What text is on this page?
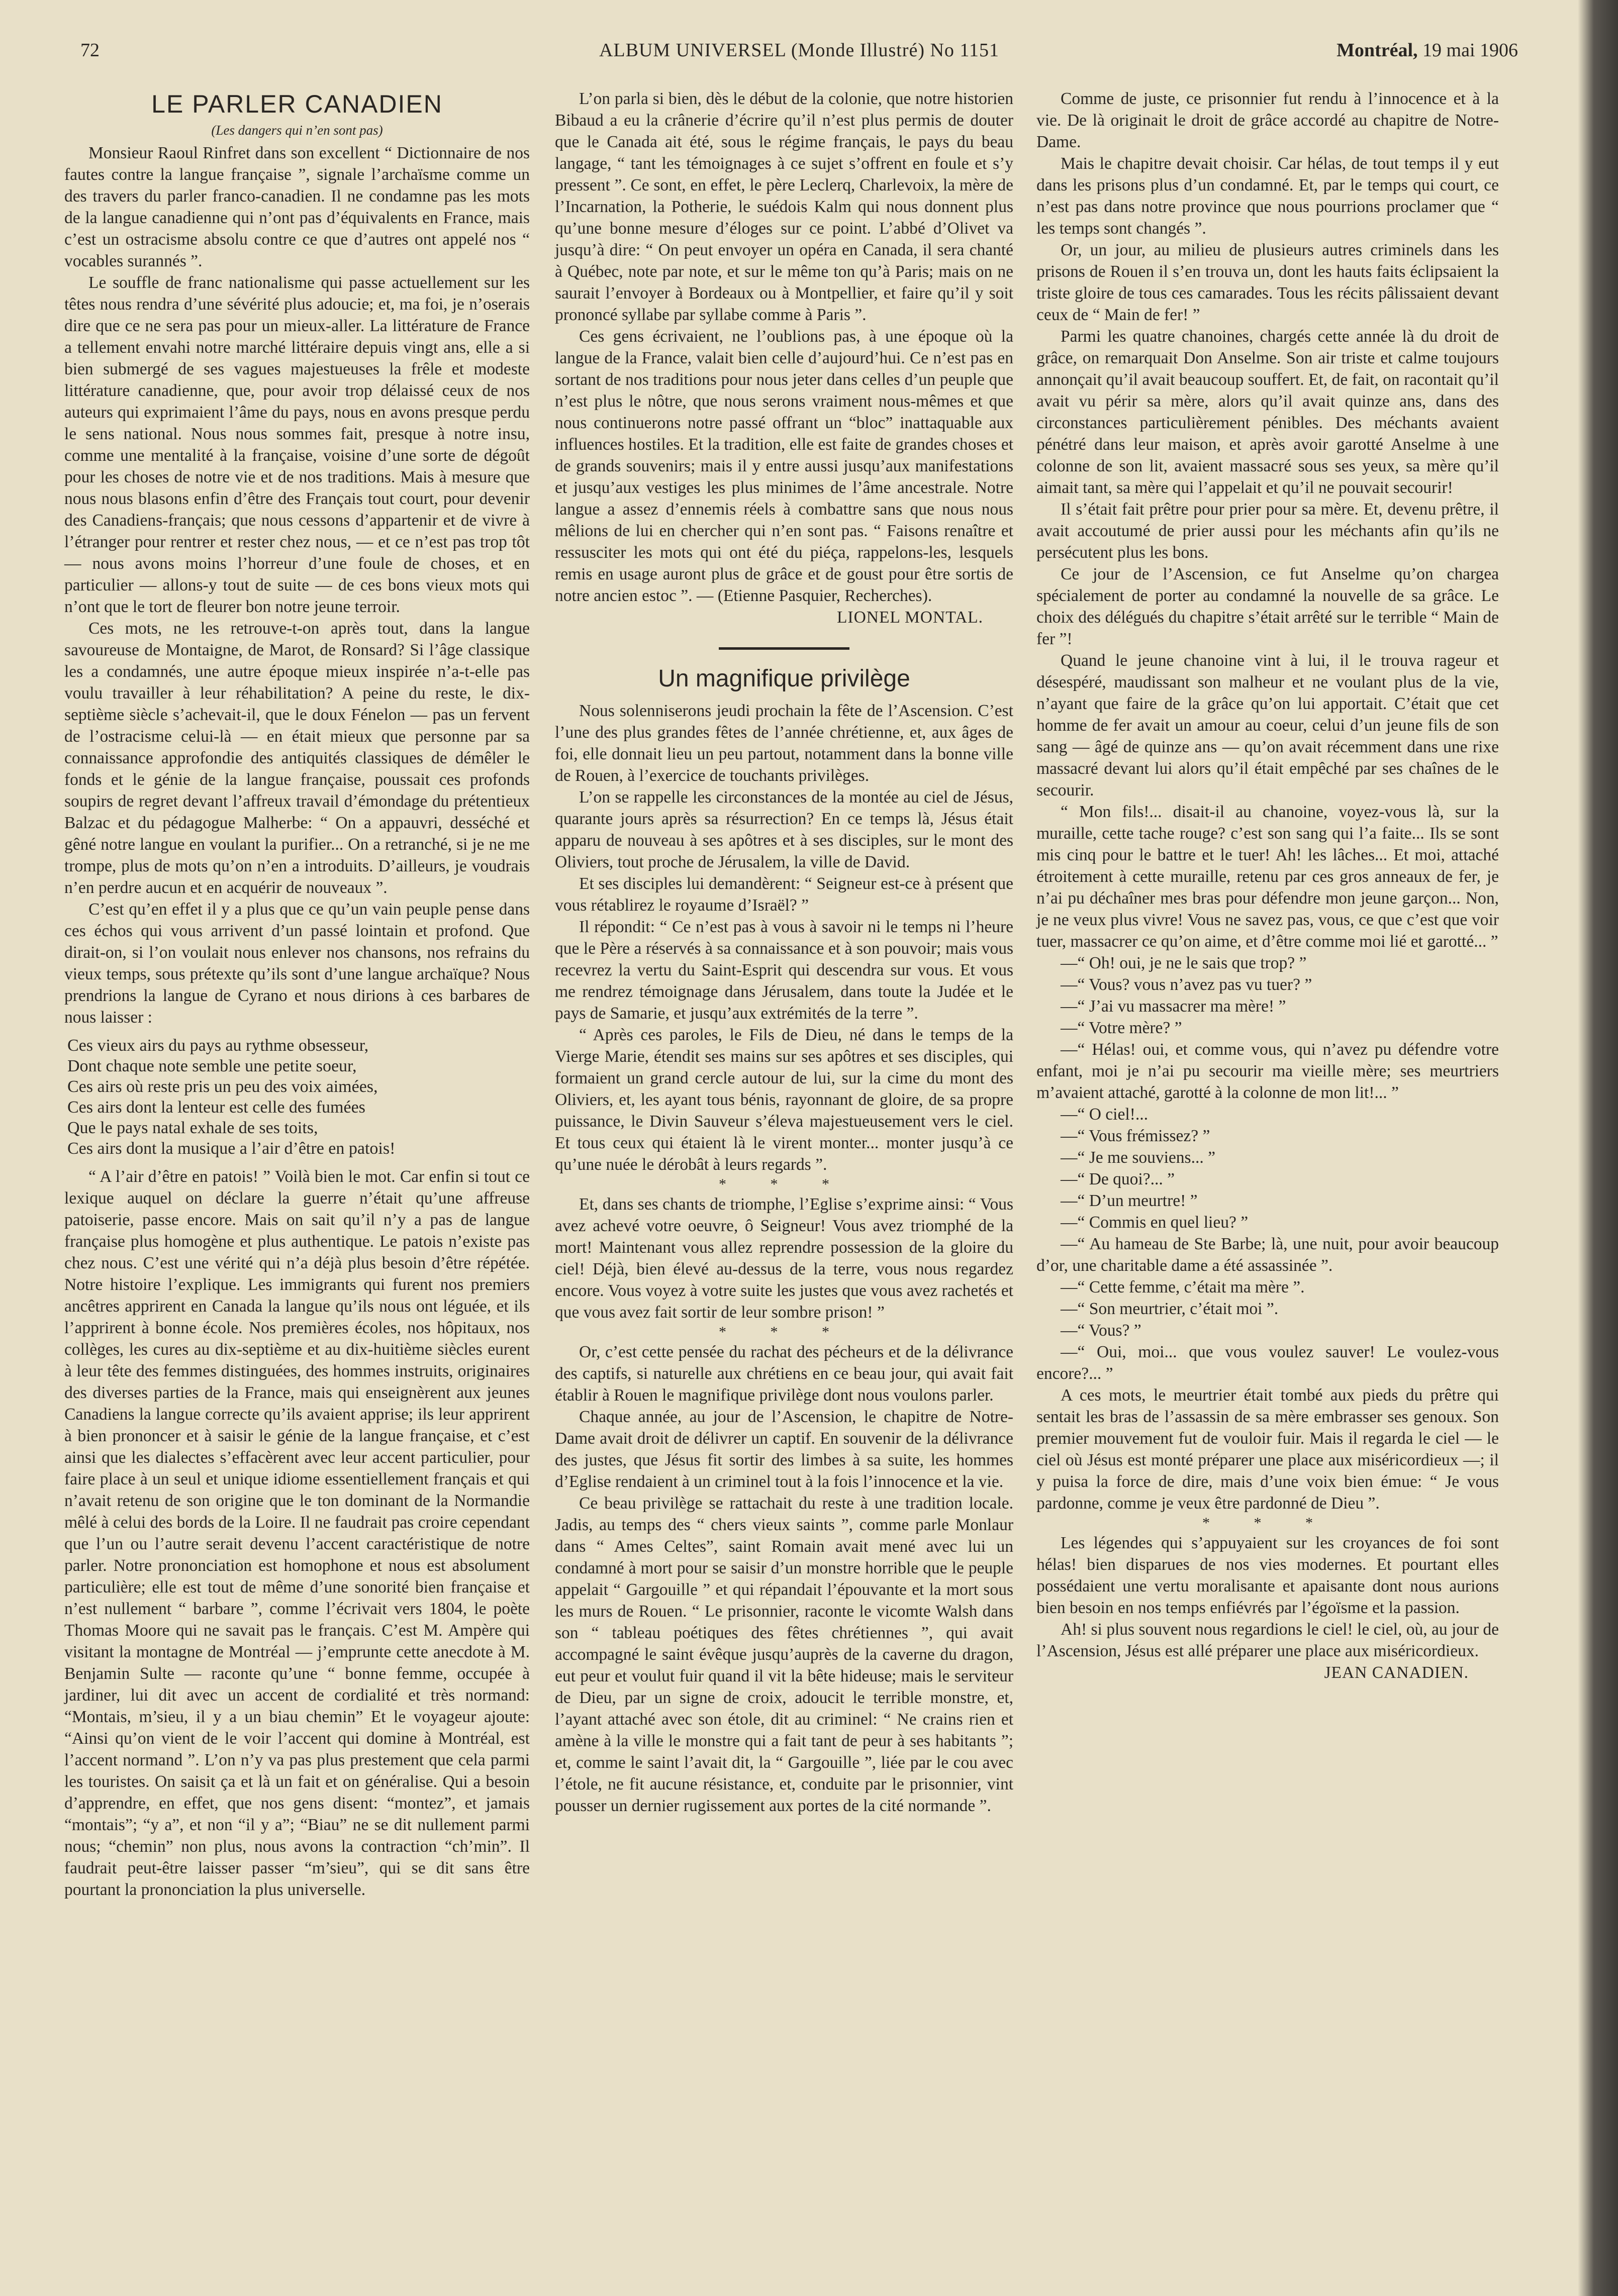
72	ALBUM UNIVERSEL (Monde Illustré) No 1151	Montréal, 19 mai 1906
LE PARLER CANADIEN
(Les dangers qui n’en sont pas)

Monsieur Raoul Rinfret dans son excellent “ Dictionnaire de nos fautes contre la langue française ”, signale l’archaïsme comme un des travers du parler franco-canadien. Il ne condamne pas les mots de la langue canadienne qui n’ont pas d’équivalents en France, mais c’est un ostracisme absolu contre ce que d’autres ont appelé nos “ vocables surannés ”.

Le souffle de franc nationalisme qui passe actuellement sur les têtes nous rendra d’une sévérité plus adoucie; et, ma foi, je n’oserais dire que ce ne sera pas pour un mieux-aller. La littérature de France a tellement envahi notre marché littéraire depuis vingt ans, elle a si bien submergé de ses vagues majestueuses la frêle et modeste littérature canadienne, que, pour avoir trop délaissé ceux de nos auteurs qui exprimaient l’âme du pays, nous en avons presque perdu le sens national. Nous nous sommes fait, presque à notre insu, comme une mentalité à la française, voisine d’une sorte de dégoût pour les choses de notre vie et de nos traditions. Mais à mesure que nous nous blasons enfin d’être des Français tout court, pour devenir des Canadiens-français; que nous cessons d’appartenir et de vivre à l’étranger pour rentrer et rester chez nous, — et ce n’est pas trop tôt — nous avons moins l’horreur d’une foule de choses, et en particulier — allons-y tout de suite — de ces bons vieux mots qui n’ont que le tort de fleurer bon notre jeune terroir.

Ces mots, ne les retrouve-t-on après tout, dans la langue savoureuse de Montaigne, de Marot, de Ronsard? Si l’âge classique les a condamnés, une autre époque mieux inspirée n’a-t-elle pas voulu travailler à leur réhabilitation? A peine du reste, le dix-septième siècle s’achevait-il, que le doux Fénelon — pas un fervent de l’ostracisme celui-là — en était mieux que personne par sa connaissance approfondie des antiquités classiques de démêler le fonds et le génie de la langue française, poussait ces profonds soupirs de regret devant l’affreux travail d’émondage du prétentieux Balzac et du pédagogue Malherbe: “ On a appauvri, desséché et gêné notre langue en voulant la purifier... On a retranché, si je ne me trompe, plus de mots qu’on n’en a introduits. D’ailleurs, je voudrais n’en perdre aucun et en acquérir de nouveaux ”.

C’est qu’en effet il y a plus que ce qu’un vain peuple pense dans ces échos qui vous arrivent d’un passé lointain et profond. Que dirait-on, si l’on voulait nous enlever nos chansons, nos refrains du vieux temps, sous prétexte qu’ils sont d’une langue archaïque? Nous prendrions la langue de Cyrano et nous dirions à ces barbares de nous laisser :

Ces vieux airs du pays au rythme obsesseur,
Dont chaque note semble une petite soeur,
Ces airs où reste pris un peu des voix aimées,
Ces airs dont la lenteur est celle des fumées
Que le pays natal exhale de ses toits,
Ces airs dont la musique a l’air d’être en patois!

“ A l’air d’être en patois! ” Voilà bien le mot. Car enfin si tout ce lexique auquel on déclare la guerre n’était qu’une affreuse patoiserie, passe encore. Mais on sait qu’il n’y a pas de langue française plus homogène et plus authentique. Le patois n’existe pas chez nous. C’est une vérité qui n’a déjà plus besoin d’être répétée. Notre histoire l’explique. Les immigrants qui furent nos premiers ancêtres apprirent en Canada la langue qu’ils nous ont léguée, et ils l’apprirent à bonne école. Nos premières écoles, nos hôpitaux, nos collèges, les cures au dix-septième et au dix-huitième siècles eurent à leur tête des femmes distinguées, des hommes instruits, originaires des diverses parties de la France, mais qui enseignèrent aux jeunes Canadiens la langue correcte qu’ils avaient apprise; ils leur apprirent à bien prononcer et à saisir le génie de la langue française, et c’est ainsi que les dialectes s’effacèrent avec leur accent particulier, pour faire place à un seul et unique idiome essentiellement français et qui n’avait retenu de son origine que le ton dominant de la Normandie mêlé à celui des bords de la Loire. Il ne faudrait pas croire cependant que l’un ou l’autre serait devenu l’accent caractéristique de notre parler. Notre prononciation est homophone et nous est absolument particulière; elle est tout de même d’une sonorité bien française et n’est nullement “ barbare ”, comme l’écrivait vers 1804, le poète Thomas Moore qui ne savait pas le français. C’est M. Ampère qui visitant la montagne de Montréal — j’emprunte cette anecdote à M. Benjamin Sulte — raconte qu’une “ bonne femme, occupée à jardiner, lui dit avec un accent de cordialité et très normand: “Montais, m’sieu, il y a un biau chemin” Et le voyageur ajoute: “Ainsi qu’on vient de le voir l’accent qui domine à Montréal, est l’accent normand ”. L’on n’y va pas plus prestement que cela parmi les touristes. On saisit ça et là un fait et on généralise. Qui a besoin d’apprendre, en effet, que nos gens disent: “montez”, et jamais “montais”; “y a”, et non “il y a”; “Biau” ne se dit nullement parmi nous; “chemin” non plus, nous avons la contraction “ch’min”. Il faudrait peut-être laisser passer “m’sieu”, qui se dit sans être pourtant la prononciation la plus universelle.

L’on parla si bien, dès le début de la colonie, que notre historien Bibaud a eu la crânerie d’écrire qu’il n’est plus permis de douter que le Canada ait été, sous le régime français, le pays du beau langage, “ tant les témoignages à ce sujet s’offrent en foule et s’y pressent ”. Ce sont, en effet, le père Leclerq, Charlevoix, la mère de l’Incarnation, la Potherie, le suédois Kalm qui nous donnent plus qu’une bonne mesure d’éloges sur ce point. L’abbé d’Olivet va jusqu’à dire: “ On peut envoyer un opéra en Canada, il sera chanté à Québec, note par note, et sur le même ton qu’à Paris; mais on ne saurait l’envoyer à Bordeaux ou à Montpellier, et faire qu’il y soit prononcé syllabe par syllabe comme à Paris ”.

Ces gens écrivaient, ne l’oublions pas, à une époque où la langue de la France, valait bien celle d’aujourd’hui. Ce n’est pas en sortant de nos traditions pour nous jeter dans celles d’un peuple que n’est plus le nôtre, que nous serons vraiment nous-mêmes et que nous continuerons notre passé offrant un “bloc” inattaquable aux influences hostiles. Et la tradition, elle est faite de grandes choses et de grands souvenirs; mais il y entre aussi jusqu’aux manifestations et jusqu’aux vestiges les plus minimes de l’âme ancestrale. Notre langue a assez d’ennemis réels à combattre sans que nous nous mêlions de lui en chercher qui n’en sont pas. “ Faisons renaître et ressusciter les mots qui ont été du piéça, rappelons-les, lesquels remis en usage auront plus de grâce et de goust pour être sortis de notre ancien estoc ”. — (Etienne Pasquier, Recherches).

LIONEL MONTAL.
Un magnifique privilège

Nous solenniserons jeudi prochain la fête de l’Ascension. C’est l’une des plus grandes fêtes de l’année chrétienne, et, aux âges de foi, elle donnait lieu un peu partout, notamment dans la bonne ville de Rouen, à l’exercice de touchants privilèges.

L’on se rappelle les circonstances de la montée au ciel de Jésus, quarante jours après sa résurrection? En ce temps là, Jésus était apparu de nouveau à ses apôtres et à ses disciples, sur le mont des Oliviers, tout proche de Jérusalem, la ville de David.

Et ses disciples lui demandèrent: “ Seigneur est-ce à présent que vous rétablirez le royaume d’Israël? ”

Il répondit: “ Ce n’est pas à vous à savoir ni le temps ni l’heure que le Père a réservés à sa connaissance et à son pouvoir; mais vous recevrez la vertu du Saint-Esprit qui descendra sur vous. Et vous me rendrez témoignage dans Jérusalem, dans toute la Judée et le pays de Samarie, et jusqu’aux extrémités de la terre ”.

“ Après ces paroles, le Fils de Dieu, né dans le temps de la Vierge Marie, étendit ses mains sur ses apôtres et ses disciples, qui formaient un grand cercle autour de lui, sur la cime du mont des Oliviers, et, les ayant tous bénis, rayonnant de gloire, de sa propre puissance, le Divin Sauveur s’éleva majestueusement vers le ciel. Et tous ceux qui étaient là le virent monter... monter jusqu’à ce qu’une nuée le dérobât à leurs regards ”.

* * *

Et, dans ses chants de triomphe, l’Eglise s’exprime ainsi: “ Vous avez achevé votre oeuvre, ô Seigneur! Vous avez triomphé de la mort! Maintenant vous allez reprendre possession de la gloire du ciel! Déjà, bien élevé au-dessus de la terre, vous nous regardez encore. Vous voyez à votre suite les justes que vous avez rachetés et que vous avez fait sortir de leur sombre prison! ”

* * *

Or, c’est cette pensée du rachat des pécheurs et de la délivrance des captifs, si naturelle aux chrétiens en ce beau jour, qui avait fait établir à Rouen le magnifique privilège dont nous voulons parler.

Chaque année, au jour de l’Ascension, le chapitre de Notre-Dame avait droit de délivrer un captif. En souvenir de la délivrance des justes, que Jésus fit sortir des limbes à sa suite, les hommes d’Eglise rendaient à un criminel tout à la fois l’innocence et la vie.

Ce beau privilège se rattachait du reste à une tradition locale. Jadis, au temps des “ chers vieux saints ”, comme parle Monlaur dans “ Ames Celtes”, saint Romain avait mené avec lui un condamné à mort pour se saisir d’un monstre horrible que le peuple appelait “ Gargouille ” et qui répandait l’épouvante et la mort sous les murs de Rouen. “ Le prisonnier, raconte le vicomte Walsh dans son “ tableau poétiques des fêtes chrétiennes ”, qui avait accompagné le saint évêque jusqu’auprès de la caverne du dragon, eut peur et voulut fuir quand il vit la bête hideuse; mais le serviteur de Dieu, par un signe de croix, adoucit le terrible monstre, et, l’ayant attaché avec son étole, dit au criminel: “ Ne crains rien et amène à la ville le monstre qui a fait tant de peur à ses habitants ”; et, comme le saint l’avait dit, la “ Gargouille ”, liée par le cou avec l’étole, ne fit aucune résistance, et, conduite par le prisonnier, vint pousser un dernier rugissement aux portes de la cité normande ”.

Comme de juste, ce prisonnier fut rendu à l’innocence et à la vie. De là originait le droit de grâce accordé au chapitre de Notre-Dame.

Mais le chapitre devait choisir. Car hélas, de tout temps il y eut dans les prisons plus d’un condamné. Et, par le temps qui court, ce n’est pas dans notre province que nous pourrions proclamer que “ les temps sont changés ”.

Or, un jour, au milieu de plusieurs autres criminels dans les prisons de Rouen il s’en trouva un, dont les hauts faits éclipsaient la triste gloire de tous ces camarades. Tous les récits pâlissaient devant ceux de “ Main de fer! ”

Parmi les quatre chanoines, chargés cette année là du droit de grâce, on remarquait Don Anselme. Son air triste et calme toujours annonçait qu’il avait beaucoup souffert. Et, de fait, on racontait qu’il avait vu périr sa mère, alors qu’il avait quinze ans, dans des circonstances particulièrement pénibles. Des méchants avaient pénétré dans leur maison, et après avoir garotté Anselme à une colonne de son lit, avaient massacré sous ses yeux, sa mère qu’il aimait tant, sa mère qui l’appelait et qu’il ne pouvait secourir!

Il s’était fait prêtre pour prier pour sa mère. Et, devenu prêtre, il avait accoutumé de prier aussi pour les méchants afin qu’ils ne persécutent plus les bons.

Ce jour de l’Ascension, ce fut Anselme qu’on chargea spécialement de porter au condamné la nouvelle de sa grâce. Le choix des délégués du chapitre s’était arrêté sur le terrible “ Main de fer ”!

Quand le jeune chanoine vint à lui, il le trouva rageur et désespéré, maudissant son malheur et ne voulant plus de la vie, n’ayant que faire de la grâce qu’on lui apportait. C’était que cet homme de fer avait un amour au coeur, celui d’un jeune fils de son sang — âgé de quinze ans — qu’on avait récemment dans une rixe massacré devant lui alors qu’il était empêché par ses chaînes de le secourir.

“ Mon fils!... disait-il au chanoine, voyez-vous là, sur la muraille, cette tache rouge? c’est son sang qui l’a faite... Ils se sont mis cinq pour le battre et le tuer! Ah! les lâches... Et moi, attaché étroitement à cette muraille, retenu par ces gros anneaux de fer, je n’ai pu déchaîner mes bras pour défendre mon jeune garçon... Non, je ne veux plus vivre! Vous ne savez pas, vous, ce que c’est que voir tuer, massacrer ce qu’on aime, et d’être comme moi lié et garotté... ”

—“ Oh! oui, je ne le sais que trop? ”

—“ Vous? vous n’avez pas vu tuer? ”

—“ J’ai vu massacrer ma mère! ”

—“ Votre mère? ”

—“ Hélas! oui, et comme vous, qui n’avez pu défendre votre enfant, moi je n’ai pu secourir ma vieille mère; ses meurtriers m’avaient attaché, garotté à la colonne de mon lit!... ”

—“ O ciel!...

—“ Vous frémissez? ”

—“ Je me souviens... ”

—“ De quoi?... ”

—“ D’un meurtre! ”

—“ Commis en quel lieu? ”

—“ Au hameau de Ste Barbe; là, une nuit, pour avoir beaucoup d’or, une charitable dame a été assassinée ”.

—“ Cette femme, c’était ma mère ”.

—“ Son meurtrier, c’était moi ”.

—“ Vous? ”

—“ Oui, moi... que vous voulez sauver! Le voulez-vous encore?... ”

A ces mots, le meurtrier était tombé aux pieds du prêtre qui sentait les bras de l’assassin de sa mère embrasser ses genoux. Son premier mouvement fut de vouloir fuir. Mais il regarda le ciel — le ciel où Jésus est monté préparer une place aux miséricordieux —; il y puisa la force de dire, mais d’une voix bien émue: “ Je vous pardonne, comme je veux être pardonné de Dieu ”.

* * *

Les légendes qui s’appuyaient sur les croyances de foi sont hélas! bien disparues de nos vies modernes. Et pourtant elles possédaient une vertu moralisante et apaisante dont nous aurions bien besoin en nos temps enfiévrés par l’égoïsme et la passion.

Ah! si plus souvent nous regardions le ciel! le ciel, où, au jour de l’Ascension, Jésus est allé préparer une place aux miséricordieux.

JEAN CANADIEN.
